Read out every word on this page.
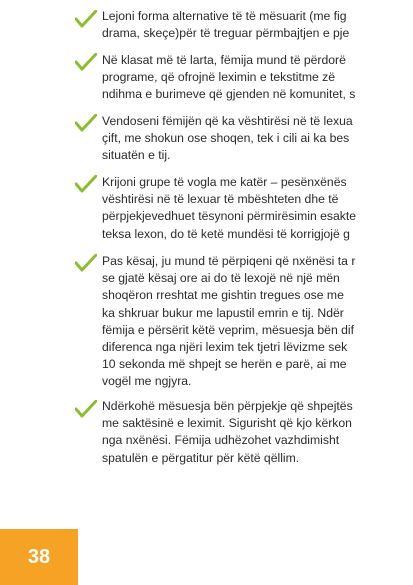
Lejoni forma alternative të të mësuarit (me fig
drama, skeçe)për të treguar përmbajtjen e pje
Në klasat më të larta, fëmija mund të përdorë
programe, që ofrojnë leximin e tekstitme zë
ndihma e burimeve që gjenden në komunitet, s
Vendoseni fëmijën që ka vështirësi në të lexua
çift, me shokun ose shoqen, tek i cili ai ka bes
situatën e tij.
Krijoni grupe të vogla me katër – pesënxënës
vështirësi në të lexuar të mbështeten dhe të
përpjekjevedhuet tësynoni përmirësimin esakte
teksa lexon, do të ketë mundësi të korrigjojë g
Pas kësaj, ju mund të përpiqeni që nxënësi ta r
se gjatë kësaj ore ai do të lexojë në një mën
shoqëron rreshtat me gishtin tregues ose me
ka shkruar bukur me lapustil emrin e tij. Ndër
fëmija e përsërit këtë veprim, mësuesja bën dif
diferenca nga njëri lexim tek tjetri lëvizme sek
10 sekonda më shpejt se herën e parë, ai me
vogël me ngjyra.
Ndërkohë mësuesja bën përpjekje që shpejtës
me saktësinë e leximit. Sigurisht që kjo kërkon
nga nxënësi. Fëmija udhëzohet vazhdimisht
spatulën e përgatitur për këtë qëllim.
38
